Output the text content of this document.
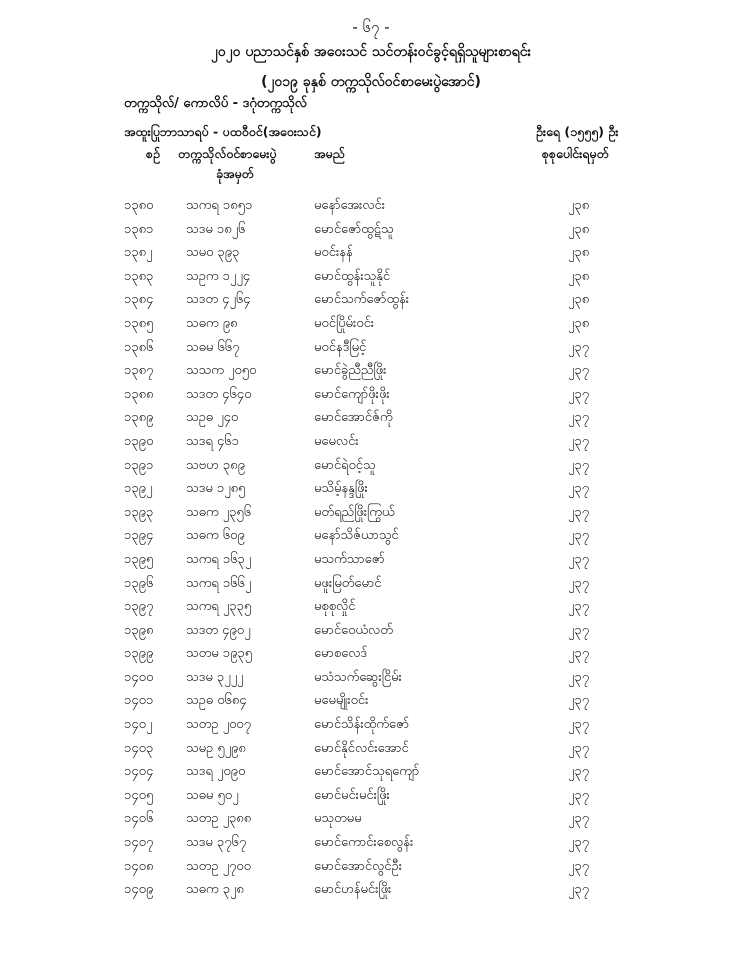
- ၆၇ -
၂၀၂၀ ပညာသင်နှစ် အဝေးသင် သင်တန်းဝင်ခွင့်ရရှိသူများစာရင်း
(၂၀၁၉ ခုနှစ် တက္ကသိုလ်ဝင်စာမေးပွဲအောင်)
တက္ကသိုလ်/ ကောလိပ် - ဒဂုံတက္ကသိုလ်
အထူးပြုဘာသာရပ် - ပထဝီဝင်(အဝေးသင်)	ဦးရေ (၁၅၅၅) ဦး
စဉ် တက္ကသိုလ်ဝင်စာမေးပွဲ
ခုံအမှတ်
အမည်	စုစုပေါင်းရမှတ်
၁၃၈၀	သကရ ၁၈၅၁	မနော်အေးလင်း	၂၃၈
၁၃၈၁	သဒမ ၁၈၂၆	မောင်ဇော်ထွဋ်သူ	၂၃၈
၁၃၈၂	သမဝ ၃၉၃	မဝင်းနန်	၂၃၈
၁၃၈၃	သဥက ၁၂၂၄	မောင်ထွန်းသူနိုင်	၂၃၈
၁၃၈၄	သဒတ ၄၂၆၄	မောင်သက်ဇော်ထွန်း	၂၃၈
၁၃၈၅	သဓက ၉၈	မဝင်ပြိုမ်းဝင်း	၂၃၈
၁၃၈၆	သဓမ ၆၆၇	မဝင်နဒီမြင့်	၂၃၇
၁၃၈၇	သသက ၂၀၅၀	မောင်ခွဲညီညီဖြိုး	၂၃၇
၁၃၈၈	သဒတ ၄၆၄၀	မောင်ကျော်ဖိုးဖိုး	၂၃၇
၁၃၈၉	သဥဓ ၂၄၀	မောင်အောင်ဇ်ကို	၂၃၇
၁၃၉၀	သဒရ ၄၆၁	မမေလင်း	၂၃၇
၁၃၉၁	သဗဟ ၃၈၉	မောင်ရဲဝင့်သူ	၂၃၇
၁၃၉၂	သဒမ ၁၂၈၅	မသိမ့်နန္ဒဖြိုး	၂၃၇
၁၃၉၃	သဓက ၂၃၅၆	မတ်ရည်ဖြိုးကြွယ်	၂၃၇
၁၃၉၄	သဓက ၆၀၉	မနော်သိဇ်ယာသွင်	၂၃၇
၁၃၉၅	သကရ ၁၆၃၂	မသက်သာဇော်	၂၃၇
၁၃၉၆	သကရ ၁၆၆၂	မဖူးမြတ်မောင်	၂၃၇
၁၃၉၇	သကရ ၂၃၃၅	မစုစုလှိုင်	၂၃၇
၁၃၉၈	သဒတ ၄၉၀၂	မောင်ဝေယံလတ်	၂၃၇
၁၃၉၉	သတမ ၁၉၃၅	မောစလေဒ်	၂၃၇
၁၄၀၀	သဒမ ၃၂၂၂	မသံသက်ဆွေးငြိမ်း	၂၃၇
၁၄၀၁	သဥဓ ၀၆၈၄	မမေမျိုးဝင်း	၂၃၇
၁၄၀၂	သတဥ ၂၀၀၇	မောင်သိန်းထိုက်ဇော်	၂၃၇
၁၄၀၃	သမဥ ၅၂၉၈	မောင်နိုင်လင်းအောင်	၂၃၇
၁၄၀၄	သဒရ ၂၀၉၀	မောင်အောင်သုရကျော်	၂၃၇
၁၄၀၅	သဓမ ၅၀၂	မောင်မင်းမင်းဖြိုး	၂၃၇
၁၄၀၆	သတဥ ၂၃၈၈	မသုတမမ	၂၃၇
၁၄၀၇	သဒမ ၃၇၆၇	မောင်ကောင်းစေလွန်း	၂၃၇
၁၄၀၈	သတဥ ၂၇၀၀	မောင်အောင်လွင်ဦး	၂၃၇
၁၄၀၉	သဓက ၃၂၈	မောင်ဟန်မင်းဖြိုး	၂၃၇
